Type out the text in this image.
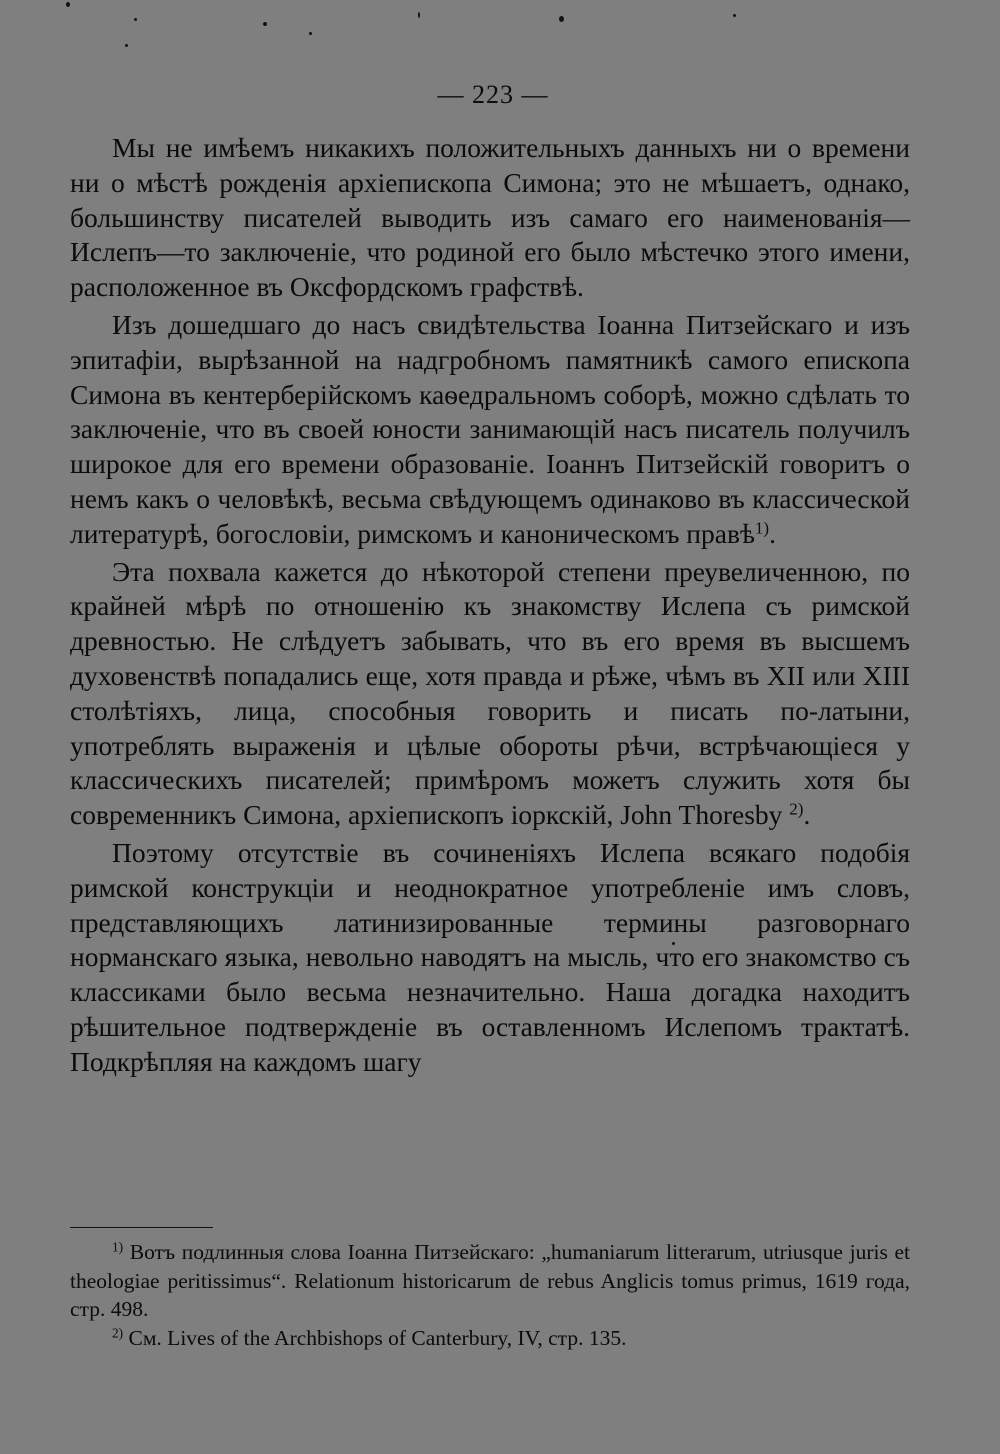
— 223 —

Мы не имѣемъ никакихъ положительныхъ данныхъ ни о времени ни о мѣстѣ рожденія архіепископа Симона; это не мѣшаетъ, однако, большинству писателей выводить изъ самаго его наименованія—Ислепъ—то заключеніе, что родиной его было мѣстечко этого имени, расположенное въ Оксфордскомъ графствѣ.

Изъ дошедшаго до насъ свидѣтельства Іоанна Питзейскаго и изъ эпитафіи, вырѣзанной на надгробномъ памятникѣ самого епископа Симона въ кентерберійскомъ каѳедральномъ соборѣ, можно сдѣлать то заключеніе, что въ своей юности занимающій насъ писатель получилъ широкое для его времени образованіе. Іоаннъ Питзейскій говоритъ о немъ какъ о человѣкѣ, весьма свѣдующемъ одинаково въ классической литературѣ, богословіи, римскомъ и каноническомъ правѣ$^{1)}$.

Эта похвала кажется до нѣкоторой степени преувеличенною, по крайней мѣрѣ по отношенію къ знакомству Ислепа съ римской древностью. Не слѣдуетъ забывать, что въ его время въ высшемъ духовенствѣ попадались еще, хотя правда и рѣже, чѣмъ въ XII или XIII столѣтіяхъ, лица, способныя говорить и писать по-латыни, употреблять выраженія и цѣлые обороты рѣчи, встрѣчающіеся у классическихъ писателей; примѣромъ можетъ служить хотя бы современникъ Симона, архіепископъ іоркскій, John Thoresby $^{2)}$.

Поэтому отсутствіе въ сочиненіяхъ Ислепа всякаго подобія римской конструкціи и неоднократное употребленіе имъ словъ, представляющихъ латинизированные термины разговорнаго норманскаго языка, невольно наводятъ на мысль, что его знакомство съ классиками было весьма незначительно. Наша догадка находитъ рѣшительное подтвержденіе въ оставленномъ Ислепомъ трактатѣ. Подкрѣпляя на каждомъ шагу

$^{1)}$ Вотъ подлинныя слова Іоанна Питзейскаго: „humaniarum litterarum, utriusque juris et theologiae peritissimus“. Relationum historicarum de rebus Anglicis tomus primus, 1619 года, стр. 498.

$^{2)}$ См. Lives of the Archbishops of Canterbury, IV, стр. 135.
